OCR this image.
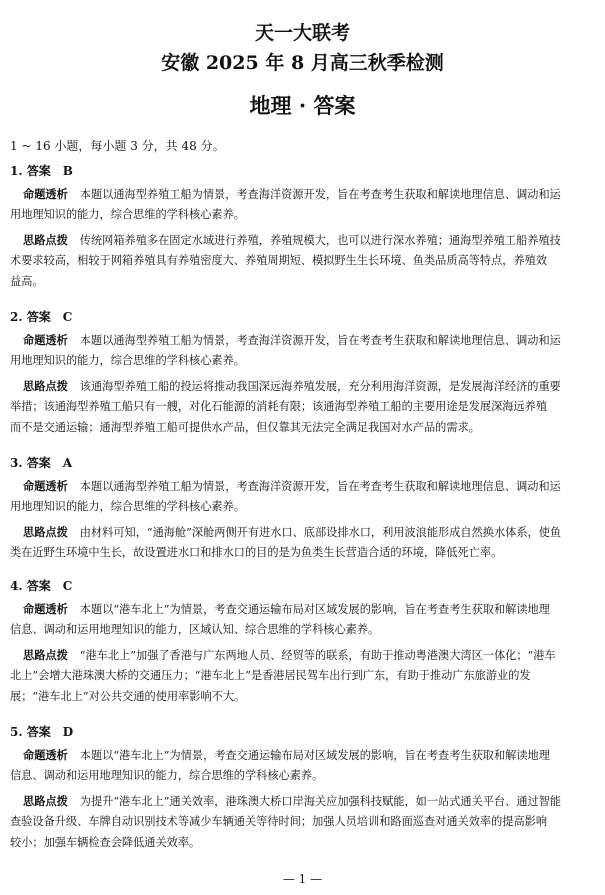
天一大联考
安徽 2025 年 8 月高三秋季检测
地理 · 答案
1 ~ 16 小题，每小题 3 分，共 48 分。
1. 答案　B
命题透析 本题以通海型养殖工船为情景，考查海洋资源开发，旨在考查考生获取和解读地理信息、调动和运
用地理知识的能力，综合思维的学科核心素养。
思路点拨 传统网箱养殖多在固定水域进行养殖，养殖规模大，也可以进行深水养殖；通海型养殖工船养殖技
术要求较高，相较于网箱养殖具有养殖密度大、养殖周期短、模拟野生生长环境、鱼类品质高等特点，养殖效
益高。
2. 答案　C
命题透析 本题以通海型养殖工船为情景，考查海洋资源开发，旨在考查考生获取和解读地理信息、调动和运
用地理知识的能力，综合思维的学科核心素养。
思路点拨 该通海型养殖工船的投运将推动我国深远海养殖发展，充分利用海洋资源，是发展海洋经济的重要
举措；该通海型养殖工船只有一艘，对化石能源的消耗有限；该通海型养殖工船的主要用途是发展深海远养殖
而不是交通运输；通海型养殖工船可提供水产品，但仅靠其无法完全满足我国对水产品的需求。
3. 答案　A
命题透析 本题以通海型养殖工船为情景，考查海洋资源开发，旨在考查考生获取和解读地理信息、调动和运
用地理知识的能力，综合思维的学科核心素养。
思路点拨 由材料可知，“通海舱”深舱两侧开有进水口、底部设排水口，利用波浪能形成自然换水体系，使鱼
类在近野生环境中生长，故设置进水口和排水口的目的是为鱼类生长营造合适的环境，降低死亡率。
4. 答案　C
命题透析 本题以“港车北上”为情景，考查交通运输布局对区域发展的影响，旨在考查考生获取和解读地理
信息、调动和运用地理知识的能力，区域认知、综合思维的学科核心素养。
思路点拨 “港车北上”加强了香港与广东两地人员、经贸等的联系，有助于推动粤港澳大湾区一体化；“港车
北上”会增大港珠澳大桥的交通压力；“港车北上”是香港居民驾车出行到广东，有助于推动广东旅游业的发
展；“港车北上”对公共交通的使用率影响不大。
5. 答案　D
命题透析 本题以“港车北上”为情景，考查交通运输布局对区域发展的影响，旨在考查考生获取和解读地理
信息、调动和运用地理知识的能力，综合思维的学科核心素养。
思路点拨 为提升“港车北上”通关效率，港珠澳大桥口岸海关应加强科技赋能，如一站式通关平台、通过智能
查验设备升级、车牌自动识别技术等减少车辆通关等待时间；加强人员培训和路面巡查对通关效率的提高影响
较小；加强车辆检查会降低通关效率。
— 1 —
